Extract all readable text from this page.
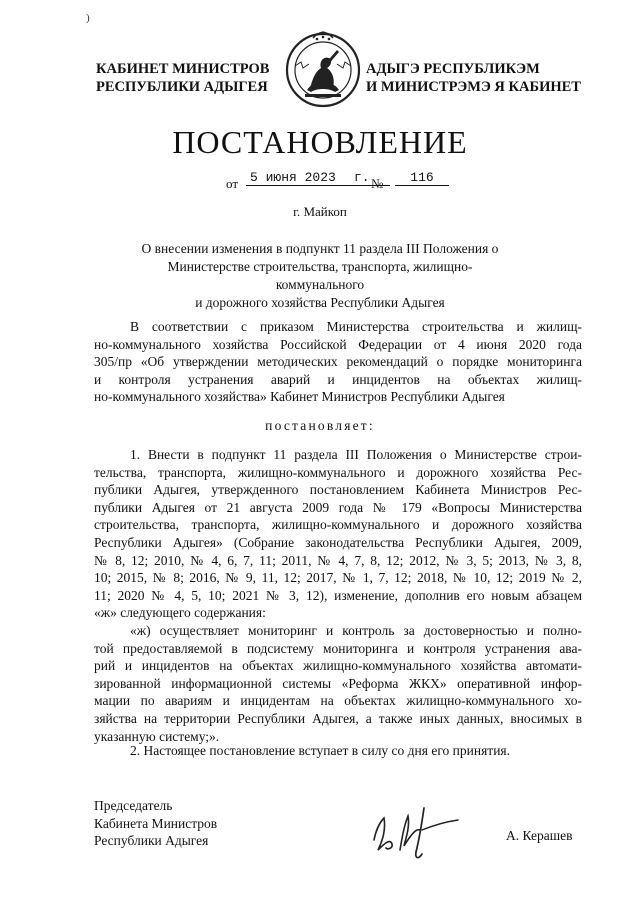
)
КАБИНЕТ МИНИСТРОВ
РЕСПУБЛИКИ АДЫГЕЯ
АДЫГЭ РЕСПУБЛИКЭМ
И МИНИСТРЭМЭ Я КАБИНЕТ
ПОСТАНОВЛЕНИЕ
от 5 июня 2023	г. №	116
г. Майкоп
О внесении изменения в подпункт 11 раздела III Положения о
Министерстве строительства, транспорта, жилищно-коммунального
и дорожного хозяйства Республики Адыгея
В соответствии с приказом Министерства строительства и жилищ-
но-коммунального хозяйства Российской Федерации от 4 июня 2020 года
305/пр «Об утверждении методических рекомендаций о порядке мониторинга
и контроля устранения аварий и инцидентов на объектах жилищ-
но-коммунального хозяйства» Кабинет Министров Республики Адыгея
постановляет:
1. Внести в подпункт 11 раздела III Положения о Министерстве строи-
тельства, транспорта, жилищно-коммунального и дорожного хозяйства Рес-
публики Адыгея, утвержденного постановлением Кабинета Министров Рес-
публики Адыгея от 21 августа 2009 года № 179 «Вопросы Министерства
строительства, транспорта, жилищно-коммунального и дорожного хозяйства
Республики Адыгея» (Собрание законодательства Республики Адыгея, 2009,
№ 8, 12; 2010, № 4, 6, 7, 11; 2011, № 4, 7, 8, 12; 2012, № 3, 5; 2013, № 3, 8,
10; 2015, № 8; 2016, № 9, 11, 12; 2017, № 1, 7, 12; 2018, № 10, 12; 2019 № 2,
11; 2020 № 4, 5, 10; 2021 № 3, 12), изменение, дополнив его новым абзацем
«ж» следующего содержания:
«ж) осуществляет мониторинг и контроль за достоверностью и полно-
той предоставляемой в подсистему мониторинга и контроля устранения ава-
рий и инцидентов на объектах жилищно-коммунального хозяйства автомати-
зированной информационной системы «Реформа ЖКХ» оперативной инфор-
мации по авариям и инцидентам на объектах жилищно-коммунального хо-
зяйства на территории Республики Адыгея, а также иных данных, вносимых в
указанную систему;».
2. Настоящее постановление вступает в силу со дня его принятия.
Председатель
Кабинета Министров
Республики Адыгея	А. Керашев
